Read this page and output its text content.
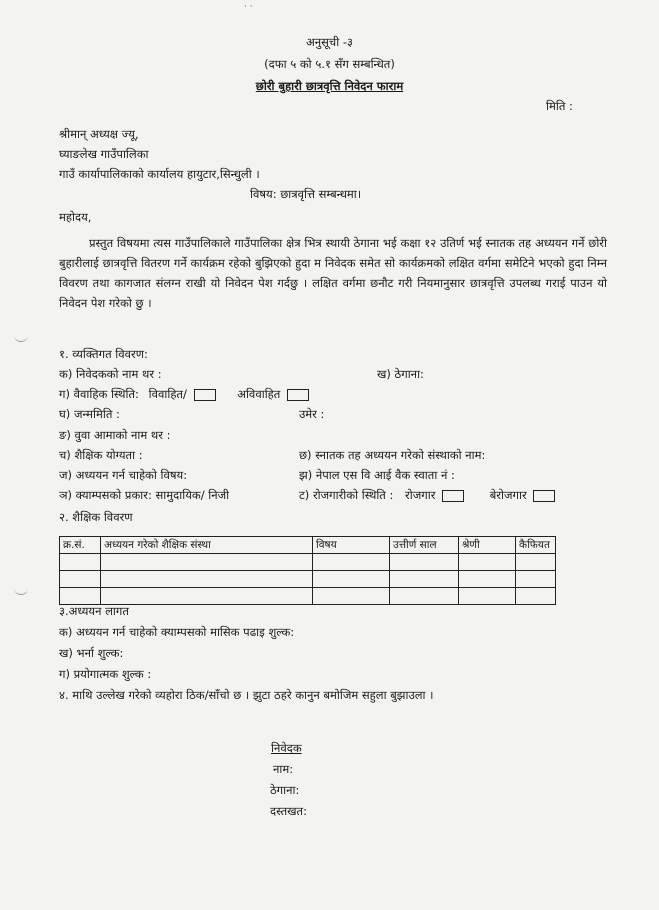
· ·
अनुसूची -३
(दफा ५ को ५.१ सँग सम्बन्धित)
छोरी बुहारी छात्रवृत्ति निवेदन फाराम
मिति :
श्रीमान् अध्यक्ष ज्यू,
घ्याङलेख गाउँपालिका
गाउँ कार्यापालिकाको कार्यालय हायुटार,सिन्धुली ।
विषय: छात्रवृत्ति सम्बन्धमा।
महोदय,
प्रस्तुत विषयमा त्यस गाउँपालिकाले गाउँपालिका क्षेत्र भित्र स्थायी ठेगाना भई कक्षा १२ उतिर्ण भई स्नातक तह अध्ययन गर्ने छोरी बुहारीलाई छात्रवृत्ति वितरण गर्ने कार्यक्रम रहेको बुझिएको हुदा म निवेदक समेत सो कार्यक्रमको लक्षित वर्गमा समेटिने भएको हुदा निम्न विवरण तथा कागजात संलग्न राखी यो निवेदन पेश गर्दछु । लक्षित वर्गमा छनौट गरी नियमानुसार छात्रवृत्ति उपलब्ध गराई पाउन यो निवेदन पेश गरेको छु ।
१. व्यक्तिगत विवरण:
क) निवेदकको नाम थर :	ख) ठेगाना:
ग) वैवाहिक स्थिति: विवाहित/	अविवाहित
घ) जन्ममिति :	उमेर :
ङ) वुवा आमाको नाम थर :
च) शैक्षिक योग्यता :	छ) स्नातक तह अध्ययन गरेको संस्थाको नाम:
ज) अध्ययन गर्न चाहेको विषय:	झ) नेपाल एस वि आई वैक स्वाता नं :
ञ) क्याम्पसको प्रकार: सामुदायिक/ निजी	ट) रोजगारीको स्थिति : रोजगार	बेरोजगार
२. शैक्षिक विवरण
क्र.सं.	अध्ययन गरेको शैक्षिक संस्था	विषय	उत्तीर्ण साल	श्रेणी	कैफियत

३.अध्ययन लागत
क) अध्ययन गर्न चाहेको क्याम्पसको मासिक पढाइ शुल्क:
ख) भर्ना शुल्क:
ग) प्रयोगात्मक शुल्क :
४. माथि उल्लेख गरेको व्यहोरा ठिक/साँचो छ । झुटा ठहरे कानुन बमोजिम सहुला बुझाउला ।
निवेदक
नाम:
ठेगाना:
दस्तखत:
